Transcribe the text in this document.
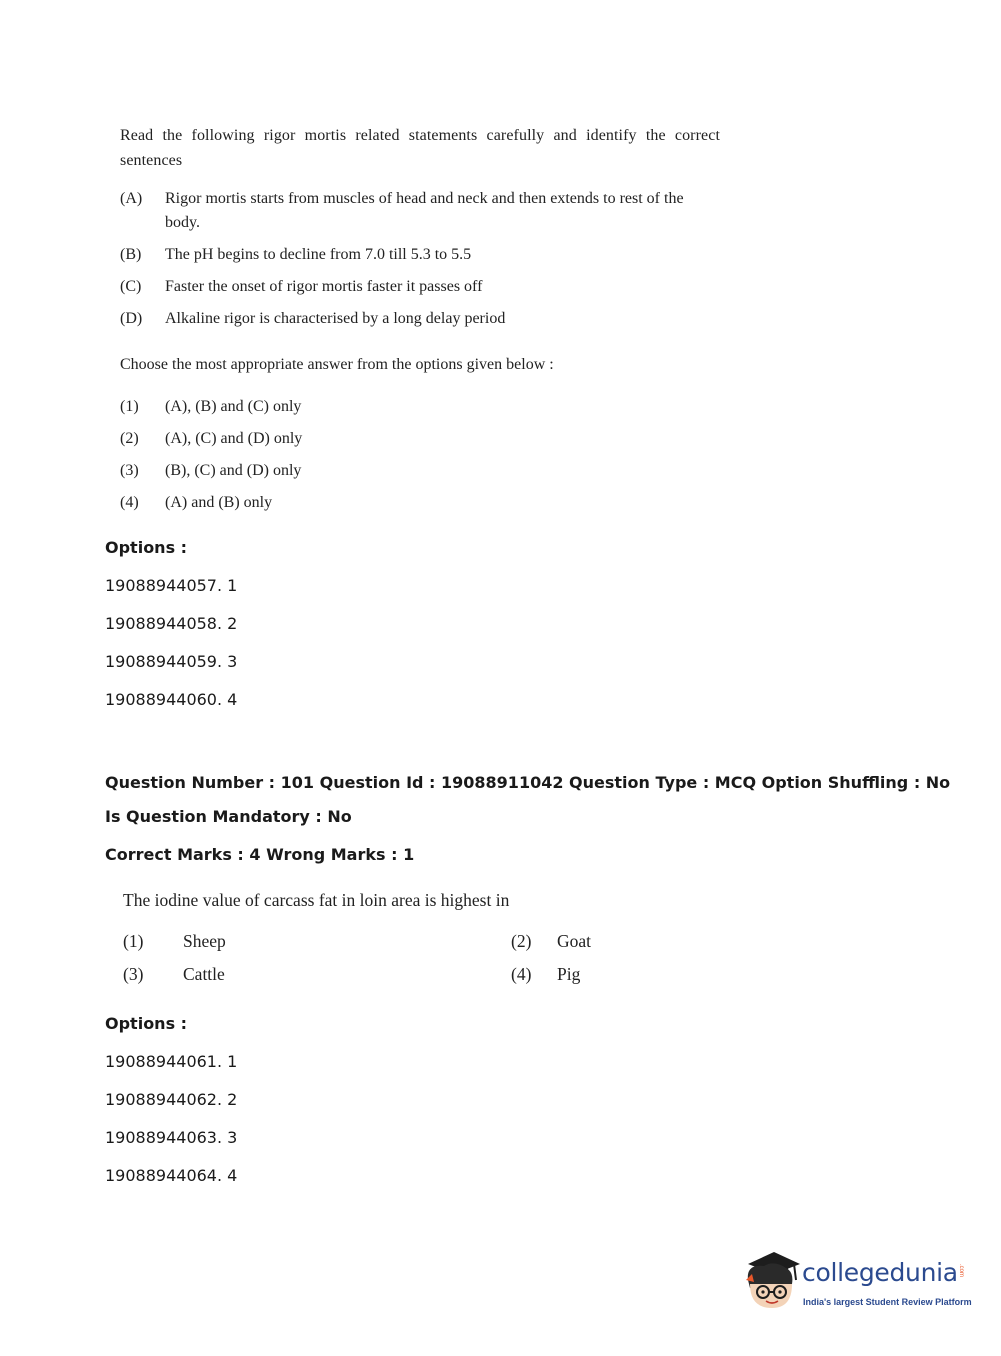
Read the following rigor mortis related statements carefully and identify the correct sentences
(A)	Rigor mortis starts from muscles of head and neck and then extends to rest of the body.
(B)	The pH begins to decline from 7.0 till 5.3 to 5.5
(C)	Faster the onset of rigor mortis faster it passes off
(D)	Alkaline rigor is characterised by a long delay period
Choose the most appropriate answer from the options given below :
(1)	(A), (B) and (C) only
(2)	(A), (C) and (D) only
(3)	(B), (C) and (D) only
(4)	(A) and (B) only
Options :
19088944057. 1
19088944058. 2
19088944059. 3
19088944060. 4
Question Number : 101 Question Id : 19088911042 Question Type : MCQ Option Shuffling : No
Is Question Mandatory : No
Correct Marks : 4 Wrong Marks : 1
The iodine value of carcass fat in loin area is highest in
(1)	Sheep	(2)	Goat
(3)	Cattle	(4)	Pig
Options :
19088944061. 1
19088944062. 2
19088944063. 3
19088944064. 4
collegedunia .com
India's largest Student Review Platform
